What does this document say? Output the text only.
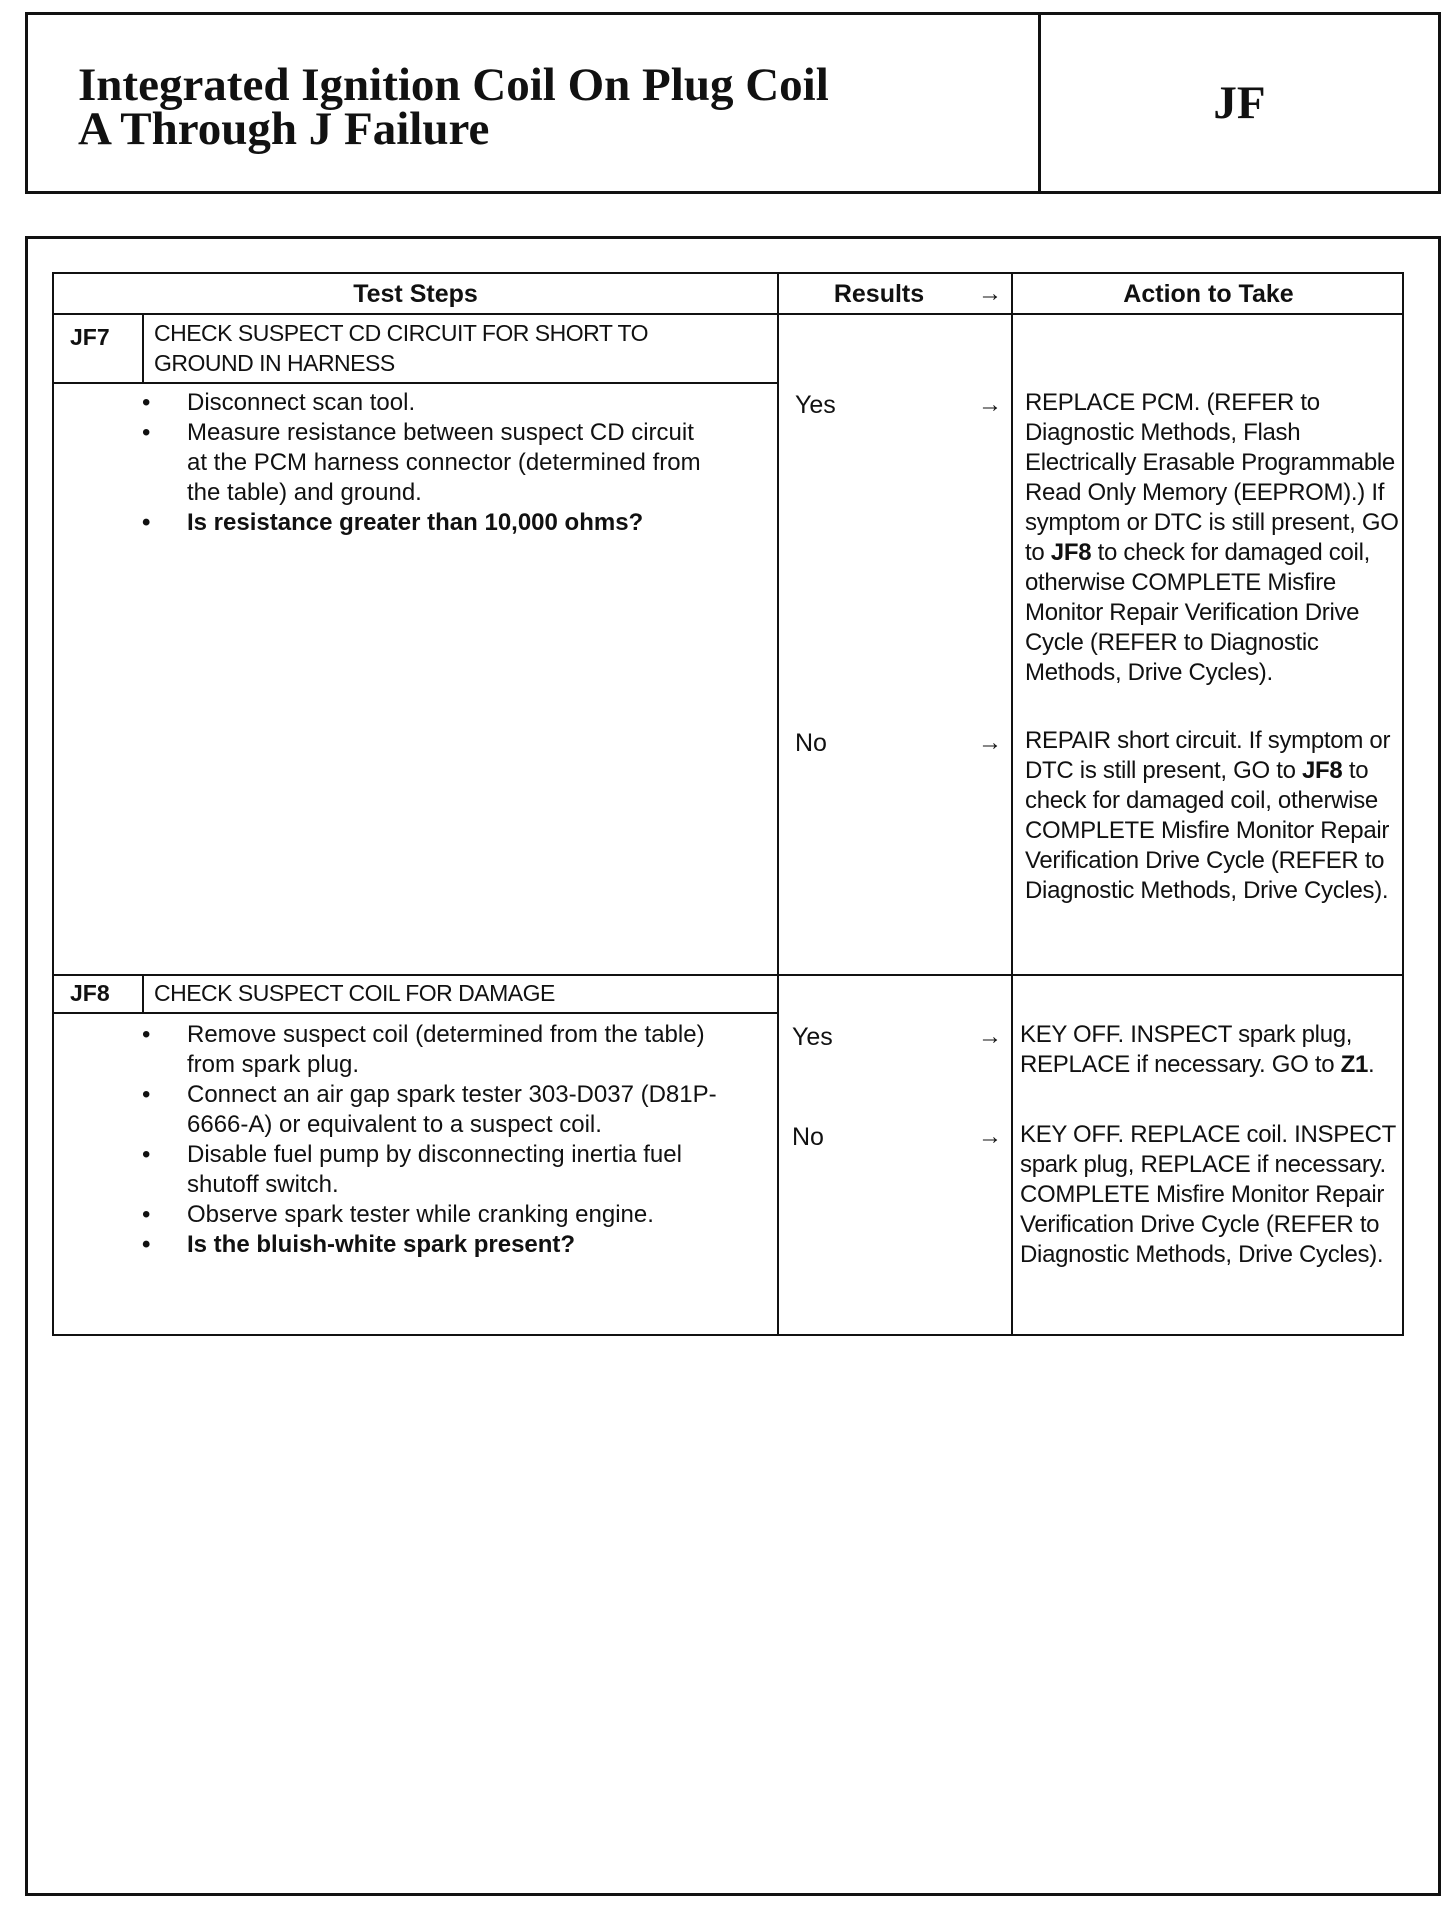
Integrated Ignition Coil On Plug Coil
A Through J Failure	JF
Test Steps	Results	→	Action to Take
JF7 CHECK SUSPECT CD CIRCUIT FOR SHORT TO GROUND IN HARNESS
• Disconnect scan tool.
• Measure resistance between suspect CD circuit at the PCM harness connector (determined from the table) and ground.
• Is resistance greater than 10,000 ohms?
Yes	→ REPLACE PCM. (REFER to Diagnostic Methods, Flash Electrically Erasable Programmable Read Only Memory (EEPROM).) If symptom or DTC is still present, GO to JF8 to check for damaged coil, otherwise COMPLETE Misfire Monitor Repair Verification Drive Cycle (REFER to Diagnostic Methods, Drive Cycles).
No	→ REPAIR short circuit. If symptom or DTC is still present, GO to JF8 to check for damaged coil, otherwise COMPLETE Misfire Monitor Repair Verification Drive Cycle (REFER to Diagnostic Methods, Drive Cycles).
JF8 CHECK SUSPECT COIL FOR DAMAGE
• Remove suspect coil (determined from the table) from spark plug.
• Connect an air gap spark tester 303-D037 (D81P-6666-A) or equivalent to a suspect coil.
• Disable fuel pump by disconnecting inertia fuel shutoff switch.
• Observe spark tester while cranking engine.
• Is the bluish-white spark present?
Yes	→ KEY OFF. INSPECT spark plug, REPLACE if necessary. GO to Z1.
No	→ KEY OFF. REPLACE coil. INSPECT spark plug, REPLACE if necessary. COMPLETE Misfire Monitor Repair Verification Drive Cycle (REFER to Diagnostic Methods, Drive Cycles).
